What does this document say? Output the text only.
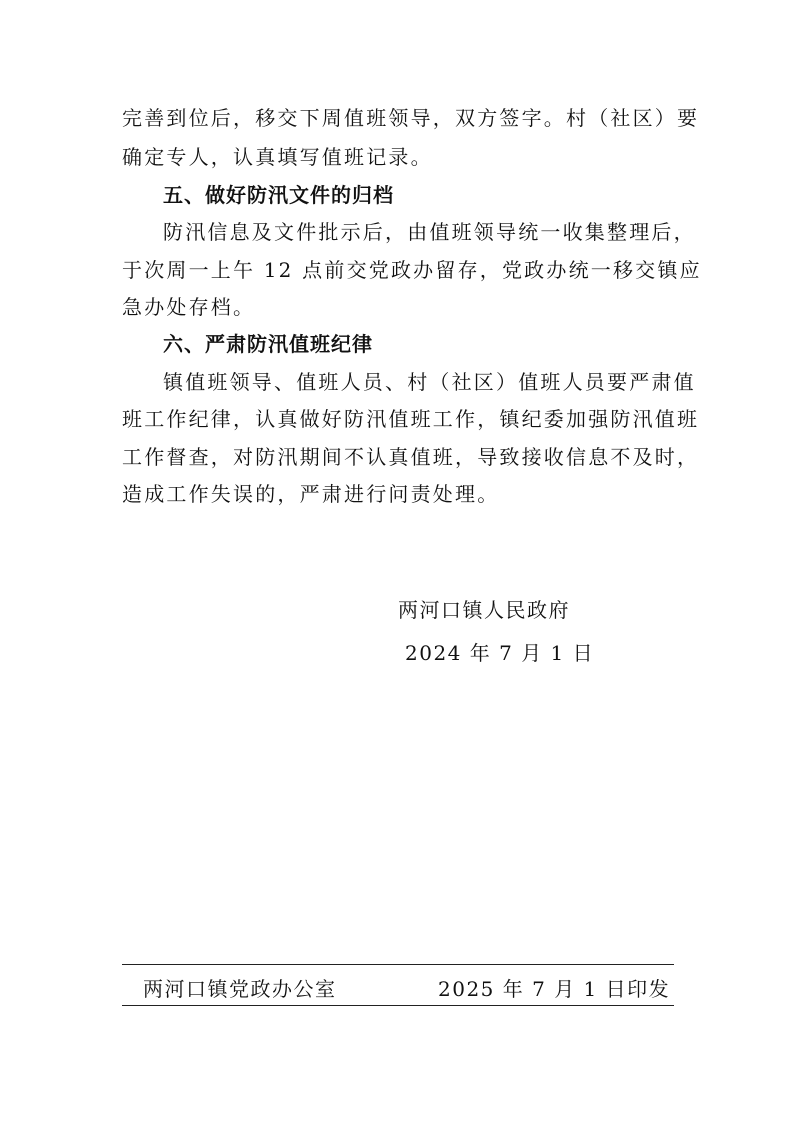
完善到位后，移交下周值班领导，双方签字。村（社区）要
确定专人，认真填写值班记录。
五、做好防汛文件的归档
防汛信息及文件批示后，由值班领导统一收集整理后，
于次周一上午 12 点前交党政办留存，党政办统一移交镇应
急办处存档。
六、严肃防汛值班纪律
镇值班领导、值班人员、村（社区）值班人员要严肃值
班工作纪律，认真做好防汛值班工作，镇纪委加强防汛值班
工作督查，对防汛期间不认真值班，导致接收信息不及时，
造成工作失误的，严肃进行问责处理。
两河口镇人民政府
2024 年 7 月 1 日
两河口镇党政办公室	2025 年 7 月 1 日印发
